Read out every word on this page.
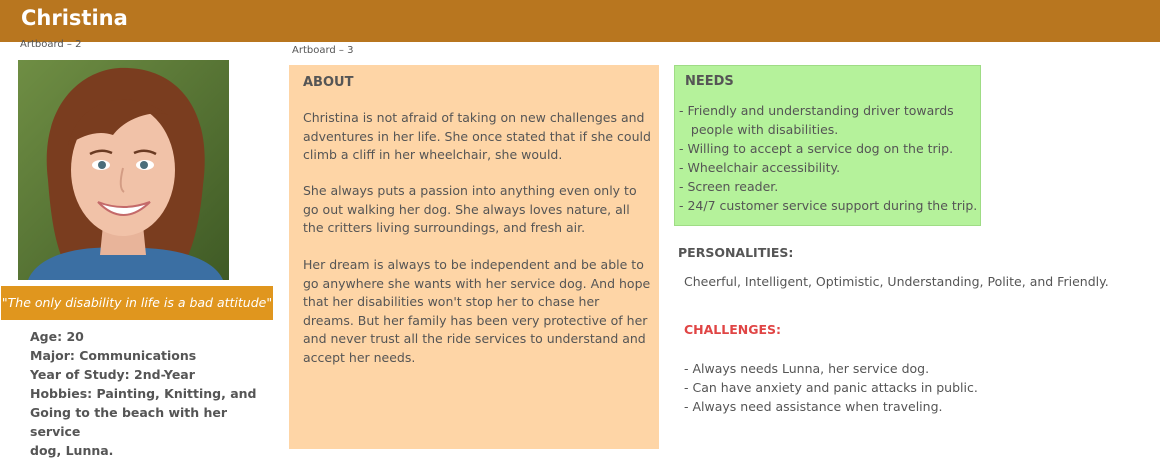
Christina
Artboard – 2
Artboard – 3
"The only disability in life is a bad attitude"
Age: 20
Major: Communications
Year of Study: 2nd-Year
Hobbies: Painting, Knitting, and
Going to the beach with her service
dog, Lunna.
ABOUT

Christina is not afraid of taking on new challenges and adventures in her life. She once stated that if she could climb a cliff in her wheelchair, she would.

She always puts a passion into anything even only to go out walking her dog. She always loves nature, all the critters living surroundings, and fresh air.

Her dream is always to be independent and be able to go anywhere she wants with her service dog. And hope that her disabilities won't stop her to chase her dreams. But her family has been very protective of her and never trust all the ride services to understand and accept her needs.

NEEDS
- Friendly and understanding driver towards
people with disabilities.
- Willing to accept a service dog on the trip.
- Wheelchair accessibility.
- Screen reader.
- 24/7 customer service support during the trip.
PERSONALITIES:
Cheerful, Intelligent, Optimistic, Understanding, Polite, and Friendly.
CHALLENGES:
- Always needs Lunna, her service dog.
- Can have anxiety and panic attacks in public.
- Always need assistance when traveling.
